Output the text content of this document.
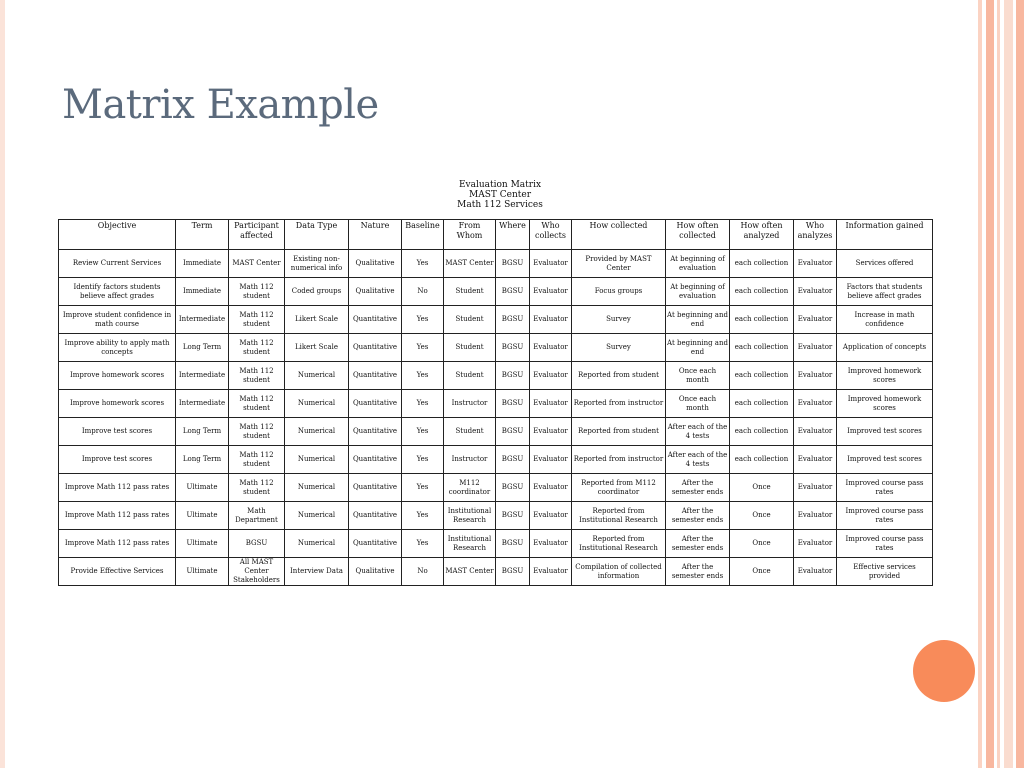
Matrix Example
Evaluation Matrix
MAST Center
Math 112 Services
Objective	Term	Participant affected	Data Type	Nature	Baseline	From Whom	Where	Who collects	How collected	How often collected	How often analyzed	Who analyzes	Information gained
Review Current Services	Immediate	MAST Center	Existing non-numerical info	Qualitative	Yes	MAST Center	BGSU	Evaluator	Provided by MAST Center	At beginning of evaluation	each collection	Evaluator	Services offered
Identify factors students believe affect grades	Immediate	Math 112 student	Coded groups	Qualitative	No	Student	BGSU	Evaluator	Focus groups	At beginning of evaluation	each collection	Evaluator	Factors that students believe affect grades
Improve student confidence in math course	Intermediate	Math 112 student	Likert Scale	Quantitative	Yes	Student	BGSU	Evaluator	Survey	At beginning and end	each collection	Evaluator	Increase in math confidence
Improve ability to apply math concepts	Long Term	Math 112 student	Likert Scale	Quantitative	Yes	Student	BGSU	Evaluator	Survey	At beginning and end	each collection	Evaluator	Application of concepts
Improve homework scores	Intermediate	Math 112 student	Numerical	Quantitative	Yes	Student	BGSU	Evaluator	Reported from student	Once each month	each collection	Evaluator	Improved homework scores
Improve homework scores	Intermediate	Math 112 student	Numerical	Quantitative	Yes	Instructor	BGSU	Evaluator	Reported from instructor	Once each month	each collection	Evaluator	Improved homework scores
Improve test scores	Long Term	Math 112 student	Numerical	Quantitative	Yes	Student	BGSU	Evaluator	Reported from student	After each of the 4 tests	each collection	Evaluator	Improved test scores
Improve test scores	Long Term	Math 112 student	Numerical	Quantitative	Yes	Instructor	BGSU	Evaluator	Reported from instructor	After each of the 4 tests	each collection	Evaluator	Improved test scores
Improve Math 112 pass rates	Ultimate	Math 112 student	Numerical	Quantitative	Yes	M112 coordinator	BGSU	Evaluator	Reported from M112 coordinator	After the semester ends	Once	Evaluator	Improved course pass rates
Improve Math 112 pass rates	Ultimate	Math Department	Numerical	Quantitative	Yes	Institutional Research	BGSU	Evaluator	Reported from Institutional Research	After the semester ends	Once	Evaluator	Improved course pass rates
Improve Math 112 pass rates	Ultimate	BGSU	Numerical	Quantitative	Yes	Institutional Research	BGSU	Evaluator	Reported from Institutional Research	After the semester ends	Once	Evaluator	Improved course pass rates
Provide Effective Services	Ultimate	All MAST Center Stakeholders	Interview Data	Qualitative	No	MAST Center	BGSU	Evaluator	Compilation of collected information	After the semester ends	Once	Evaluator	Effective services provided
